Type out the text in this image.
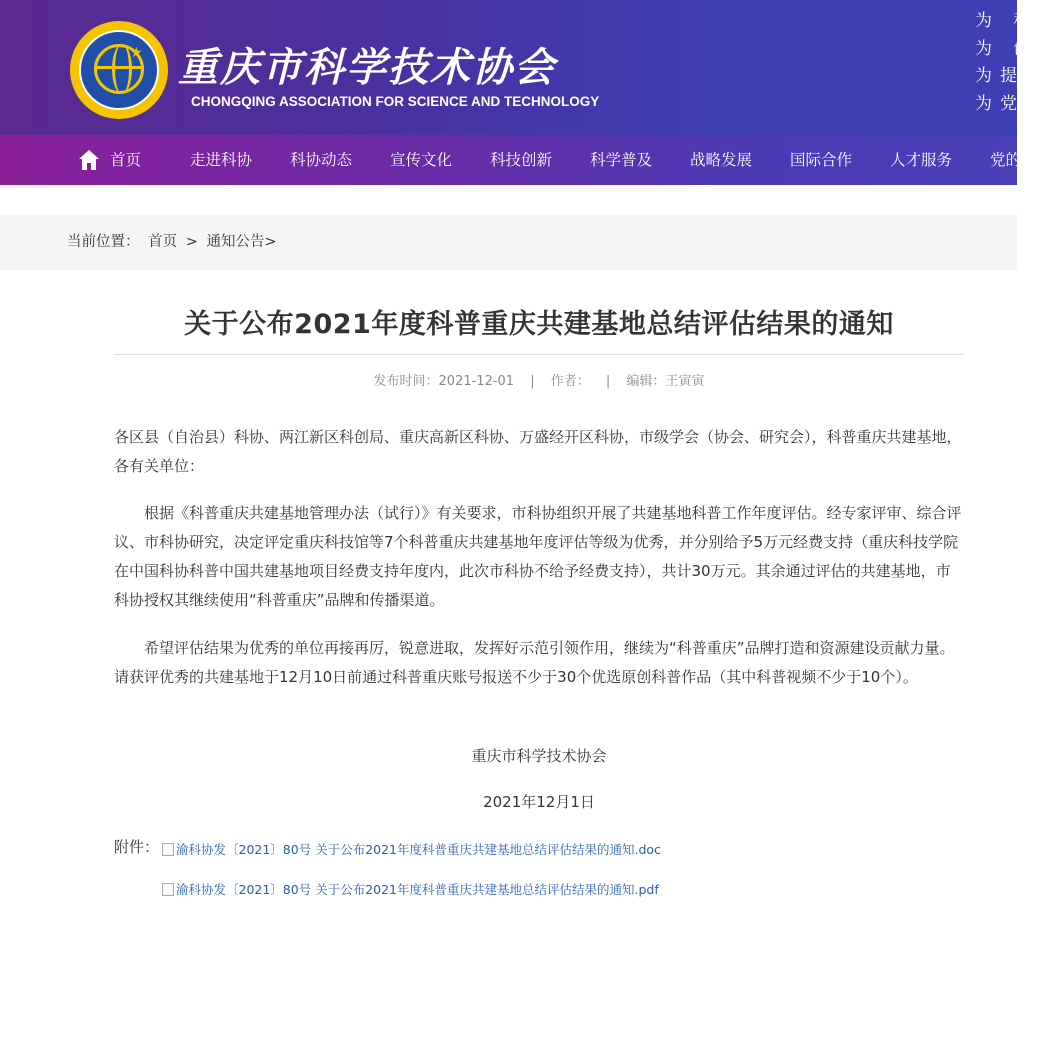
★ 重庆市科学技术协会
CHONGQING ASSOCIATION FOR SCIENCE AND TECHNOLOGY
为 科
为 创
为提
为党
首页	走进科协 科协动态 宣传文化 科技创新 科学普及 战略发展 国际合作 人才服务 党的
当前位置： 首页 > 通知公告>
关于公布2021年度科普重庆共建基地总结评估结果的通知
发布时间：2021-12-01 | 作者： | 编辑：王寅寅
各区县（自治县）科协、两江新区科创局、重庆高新区科协、万盛经开区科协，市级学会（协会、研究会），科普重庆共建基地，各有关单位：
根据《科普重庆共建基地管理办法（试行）》有关要求，市科协组织开展了共建基地科普工作年度评估。经专家评审、综合评议、市科协研究，决定评定重庆科技馆等7个科普重庆共建基地年度评估等级为优秀，并分别给予5万元经费支持（重庆科技学院在中国科协科普中国共建基地项目经费支持年度内，此次市科协不给予经费支持），共计30万元。其余通过评估的共建基地，市科协授权其继续使用“科普重庆”品牌和传播渠道。
希望评估结果为优秀的单位再接再厉，锐意进取，发挥好示范引领作用，继续为“科普重庆”品牌打造和资源建设贡献力量。请获评优秀的共建基地于12月10日前通过科普重庆账号报送不少于30个优选原创科普作品（其中科普视频不少于10个）。
重庆市科学技术协会
2021年12月1日
附件：	渝科协发〔2021〕80号 关于公布2021年度科普重庆共建基地总结评估结果的通知.doc
渝科协发〔2021〕80号 关于公布2021年度科普重庆共建基地总结评估结果的通知.pdf
